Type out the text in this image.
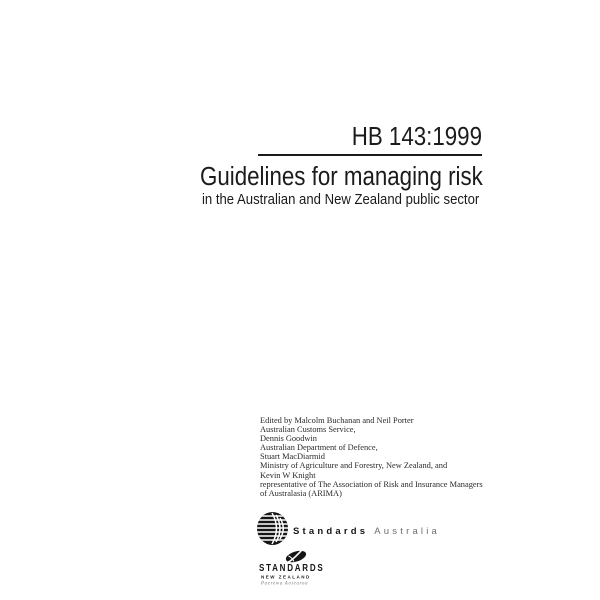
HB 143:1999
Guidelines for managing risk
in the Australian and New Zealand public sector
Edited by Malcolm Buchanan and Neil Porter
Australian Customs Service,
Dennis Goodwin
Australian Department of Defence,
Stuart MacDiarmid
Ministry of Agriculture and Forestry, New Zealand, and
Kevin W Knight
representative of The Association of Risk and Insurance Managers
of Australasia (ARIMA)
Standards Australia
STANDARDS
NEW ZEALAND
Paerewa Aotearoa
